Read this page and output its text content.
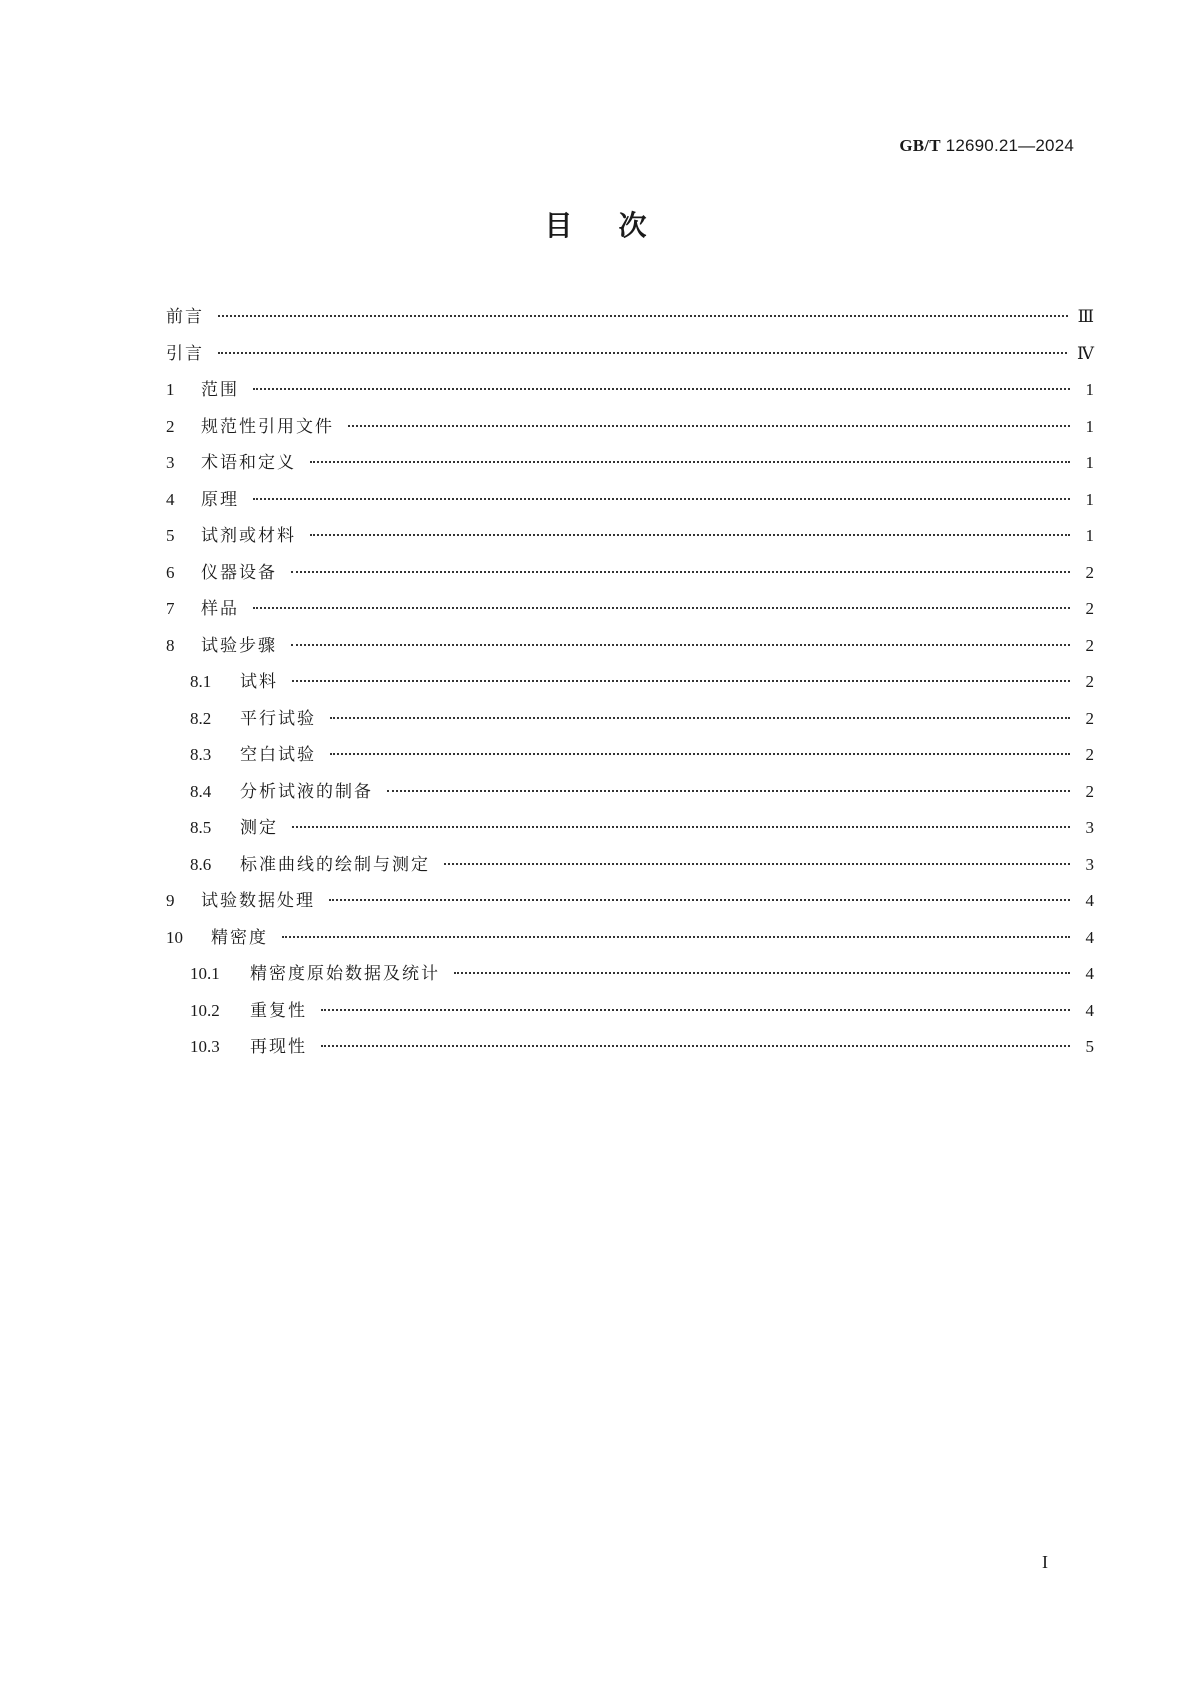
GB/T 12690.21—2024
目次
前言	Ⅲ
引言	Ⅳ
1	范围	1
2	规范性引用文件	1
3	术语和定义	1
4	原理	1
5	试剂或材料	1
6	仪器设备	2
7	样品	2
8	试验步骤	2
8.1	试料	2
8.2	平行试验	2
8.3	空白试验	2
8.4	分析试液的制备	2
8.5	测定	3
8.6	标准曲线的绘制与测定	3
9	试验数据处理	4
10	精密度	4
10.1	精密度原始数据及统计	4
10.2	重复性	4
10.3	再现性	5
I
